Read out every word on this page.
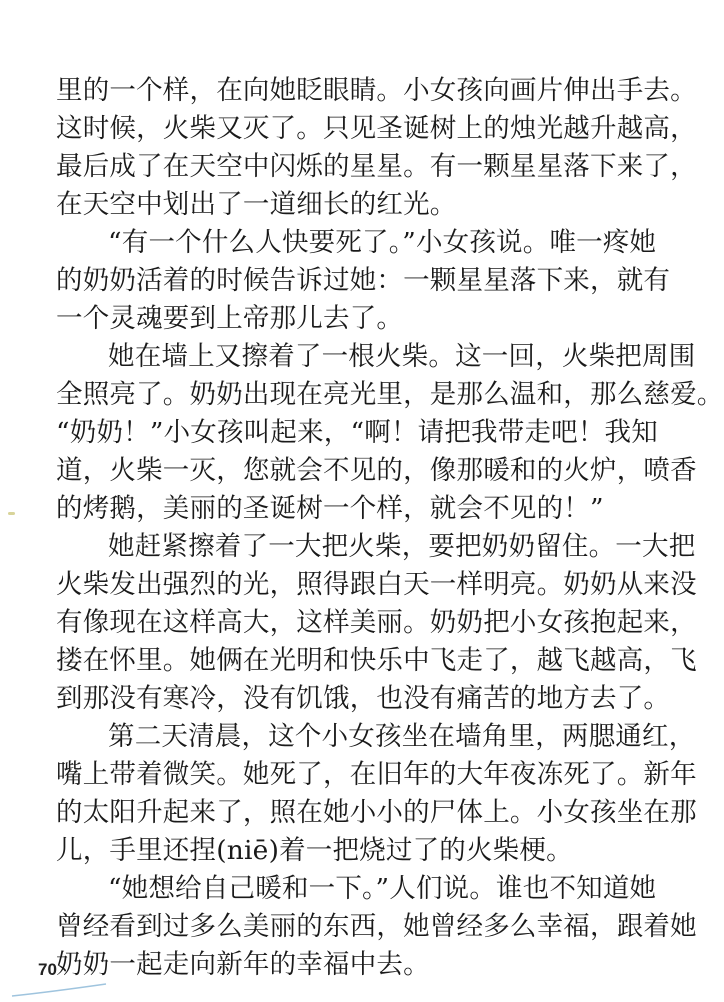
里的一个样，在向她眨眼睛。小女孩向画片伸出手去。
这时候，火柴又灭了。只见圣诞树上的烛光越升越高，
最后成了在天空中闪烁的星星。有一颗星星落下来了，
在天空中划出了一道细长的红光。
“有一个什么人快要死了。”小女孩说。唯一疼她
的奶奶活着的时候告诉过她：一颗星星落下来，就有
一个灵魂要到上帝那儿去了。
她在墙上又擦着了一根火柴。这一回，火柴把周围
全照亮了。奶奶出现在亮光里，是那么温和，那么慈爱。
“奶奶！”小女孩叫起来，“啊！请把我带走吧！我知
道，火柴一灭，您就会不见的，像那暖和的火炉，喷香
的烤鹅，美丽的圣诞树一个样，就会不见的！”
她赶紧擦着了一大把火柴，要把奶奶留住。一大把
火柴发出强烈的光，照得跟白天一样明亮。奶奶从来没
有像现在这样高大，这样美丽。奶奶把小女孩抱起来，
搂在怀里。她俩在光明和快乐中飞走了，越飞越高，飞
到那没有寒冷，没有饥饿，也没有痛苦的地方去了。
第二天清晨，这个小女孩坐在墙角里，两腮通红，
嘴上带着微笑。她死了，在旧年的大年夜冻死了。新年
的太阳升起来了，照在她小小的尸体上。小女孩坐在那
儿，手里还捏(niē)着一把烧过了的火柴梗。
“她想给自己暖和一下。”人们说。谁也不知道她
曾经看到过多么美丽的东西，她曾经多么幸福，跟着她
奶奶一起走向新年的幸福中去。
70
